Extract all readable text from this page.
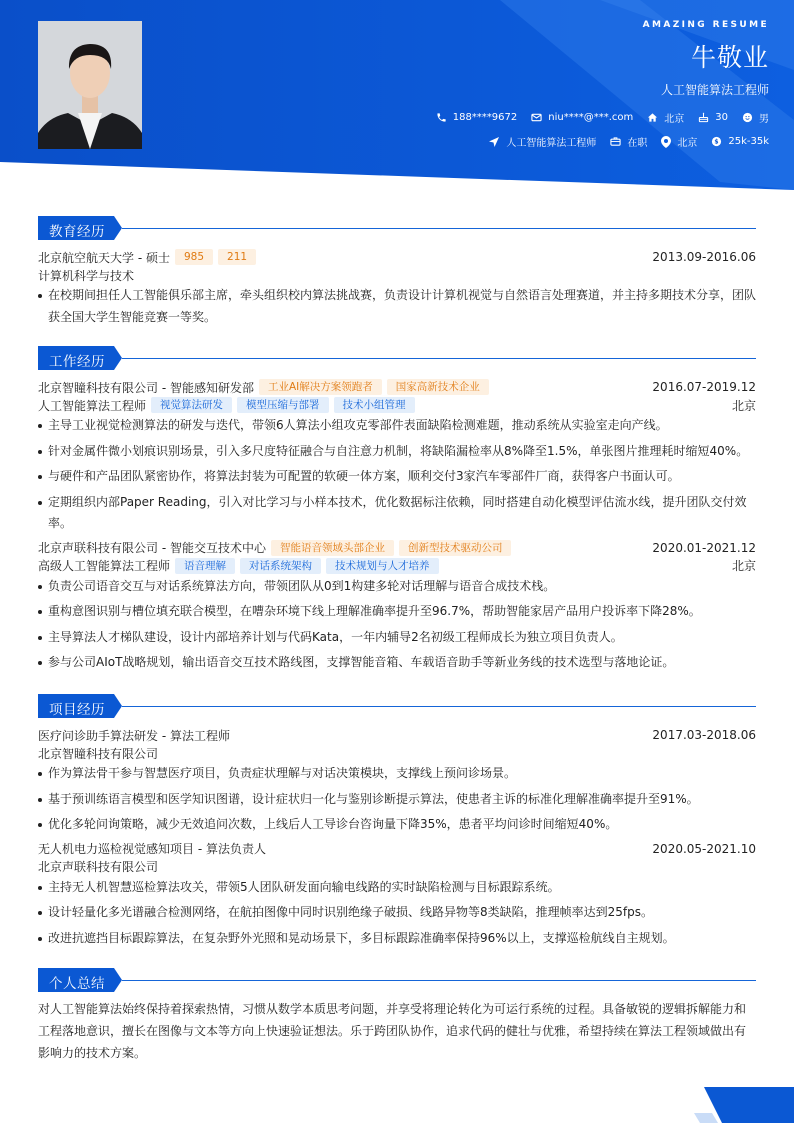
AMAZING RESUME
牛敬业
人工智能算法工程师
188****9672	niu****@***.com	北京	30	男
人工智能算法工程师	在职	北京 $ 25k-35k
教育经历
北京航空航天大学 - 硕士	985	211	2013.09-2016.06
计算机科学与技术
在校期间担任人工智能俱乐部主席，牵头组织校内算法挑战赛，负责设计计算机视觉与自然语言处理赛道，并主持多期技术分享，团队获全国大学生智能竞赛一等奖。
工作经历
北京智瞳科技有限公司 - 智能感知研发部	工业AI解决方案领跑者	国家高新技术企业	2016.07-2019.12
人工智能算法工程师	视觉算法研发	模型压缩与部署	技术小组管理	北京
主导工业视觉检测算法的研发与迭代，带领6人算法小组攻克零部件表面缺陷检测难题，推动系统从实验室走向产线。
针对金属件微小划痕识别场景，引入多尺度特征融合与自注意力机制，将缺陷漏检率从8%降至1.5%，单张图片推理耗时缩短40%。
与硬件和产品团队紧密协作，将算法封装为可配置的软硬一体方案，顺利交付3家汽车零部件厂商，获得客户书面认可。
定期组织内部Paper Reading，引入对比学习与小样本技术，优化数据标注依赖，同时搭建自动化模型评估流水线，提升团队交付效率。
北京声联科技有限公司 - 智能交互技术中心	智能语音领域头部企业	创新型技术驱动公司	2020.01-2021.12
高级人工智能算法工程师	语音理解	对话系统架构	技术规划与人才培养	北京
负责公司语音交互与对话系统算法方向，带领团队从0到1构建多轮对话理解与语音合成技术栈。
重构意图识别与槽位填充联合模型，在嘈杂环境下线上理解准确率提升至96.7%，帮助智能家居产品用户投诉率下降28%。
主导算法人才梯队建设，设计内部培养计划与代码Kata，一年内辅导2名初级工程师成长为独立项目负责人。
参与公司AIoT战略规划，输出语音交互技术路线图，支撑智能音箱、车载语音助手等新业务线的技术选型与落地论证。
项目经历
医疗问诊助手算法研发 - 算法工程师	2017.03-2018.06
北京智瞳科技有限公司
作为算法骨干参与智慧医疗项目，负责症状理解与对话决策模块，支撑线上预问诊场景。
基于预训练语言模型和医学知识图谱，设计症状归一化与鉴别诊断提示算法，使患者主诉的标准化理解准确率提升至91%。
优化多轮问询策略，减少无效追问次数，上线后人工导诊台咨询量下降35%，患者平均问诊时间缩短40%。
无人机电力巡检视觉感知项目 - 算法负责人	2020.05-2021.10
北京声联科技有限公司
主持无人机智慧巡检算法攻关，带领5人团队研发面向输电线路的实时缺陷检测与目标跟踪系统。
设计轻量化多光谱融合检测网络，在航拍图像中同时识别绝缘子破损、线路异物等8类缺陷，推理帧率达到25fps。
改进抗遮挡目标跟踪算法，在复杂野外光照和晃动场景下，多目标跟踪准确率保持96%以上，支撑巡检航线自主规划。
个人总结
对人工智能算法始终保持着探索热情，习惯从数学本质思考问题，并享受将理论转化为可运行系统的过程。具备敏锐的逻辑拆解能力和工程落地意识，擅长在图像与文本等方向上快速验证想法。乐于跨团队协作，追求代码的健壮与优雅，希望持续在算法工程领域做出有影响力的技术方案。
